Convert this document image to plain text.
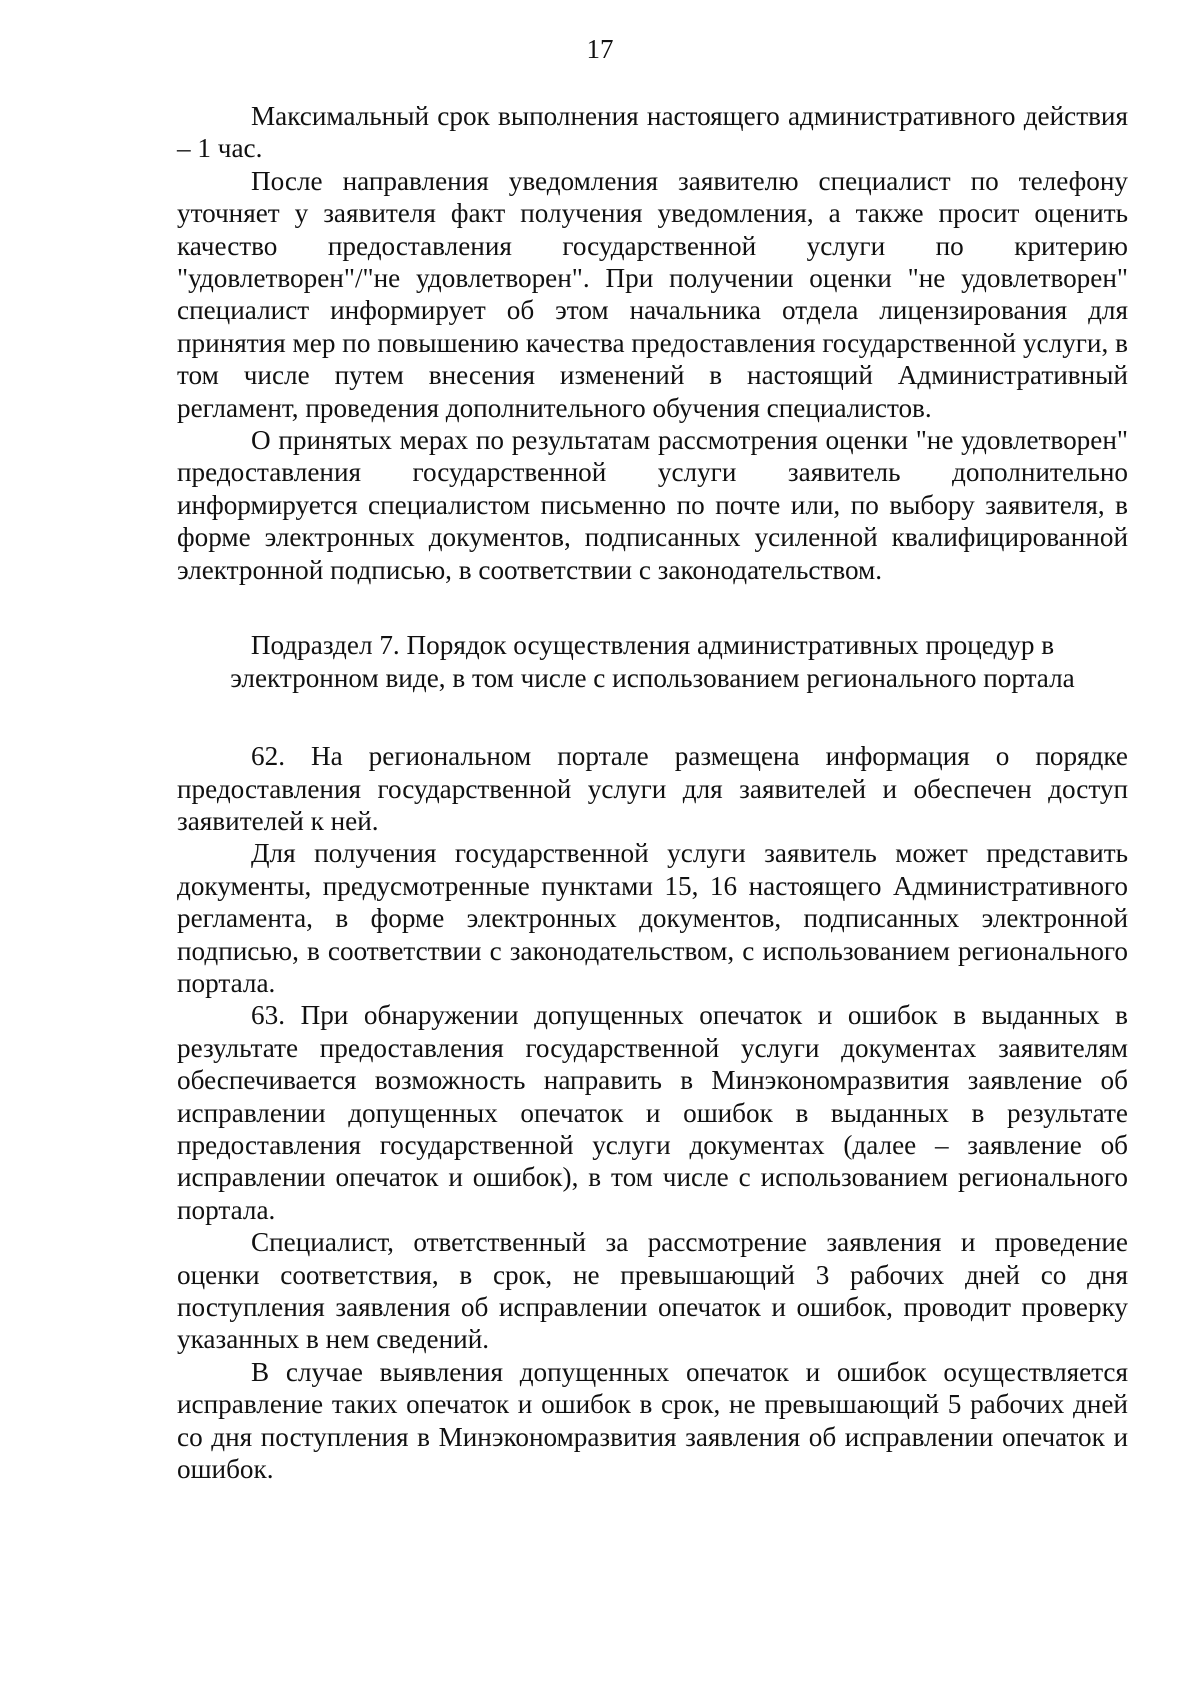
17

Максимальный срок выполнения настоящего административного действия – 1 час.

После направления уведомления заявителю специалист по телефону уточняет у заявителя факт получения уведомления, а также просит оценить качество предоставления государственной услуги по критерию "удовлетворен"/"не удовлетворен". При получении оценки "не удовлетворен" специалист информирует об этом начальника отдела лицензирования для принятия мер по повышению качества предоставления государственной услуги, в том числе путем внесения изменений в настоящий Административный регламент, проведения дополнительного обучения специалистов.

О принятых мерах по результатам рассмотрения оценки "не удовлетворен" предоставления государственной услуги заявитель дополнительно информируется специалистом письменно по почте или, по выбору заявителя, в форме электронных документов, подписанных усиленной квалифицированной электронной подписью, в соответствии с законодательством.

Подраздел 7. Порядок осуществления административных процедур в
электронном виде, в том числе с использованием регионального портала

62. На региональном портале размещена информация о порядке предоставления государственной услуги для заявителей и обеспечен доступ заявителей к ней.

Для получения государственной услуги заявитель может представить документы, предусмотренные пунктами 15, 16 настоящего Административного регламента, в форме электронных документов, подписанных электронной подписью, в соответствии с законодательством, с использованием регионального портала.

63. При обнаружении допущенных опечаток и ошибок в выданных в результате предоставления государственной услуги документах заявителям обеспечивается возможность направить в Минэкономразвития заявление об исправлении допущенных опечаток и ошибок в выданных в результате предоставления государственной услуги документах (далее – заявление об исправлении опечаток и ошибок), в том числе с использованием регионального портала.

Специалист, ответственный за рассмотрение заявления и проведение оценки соответствия, в срок, не превышающий 3 рабочих дней со дня поступления заявления об исправлении опечаток и ошибок, проводит проверку указанных в нем сведений.

В случае выявления допущенных опечаток и ошибок осуществляется исправление таких опечаток и ошибок в срок, не превышающий 5 рабочих дней со дня поступления в Минэкономразвития заявления об исправлении опечаток и ошибок.
